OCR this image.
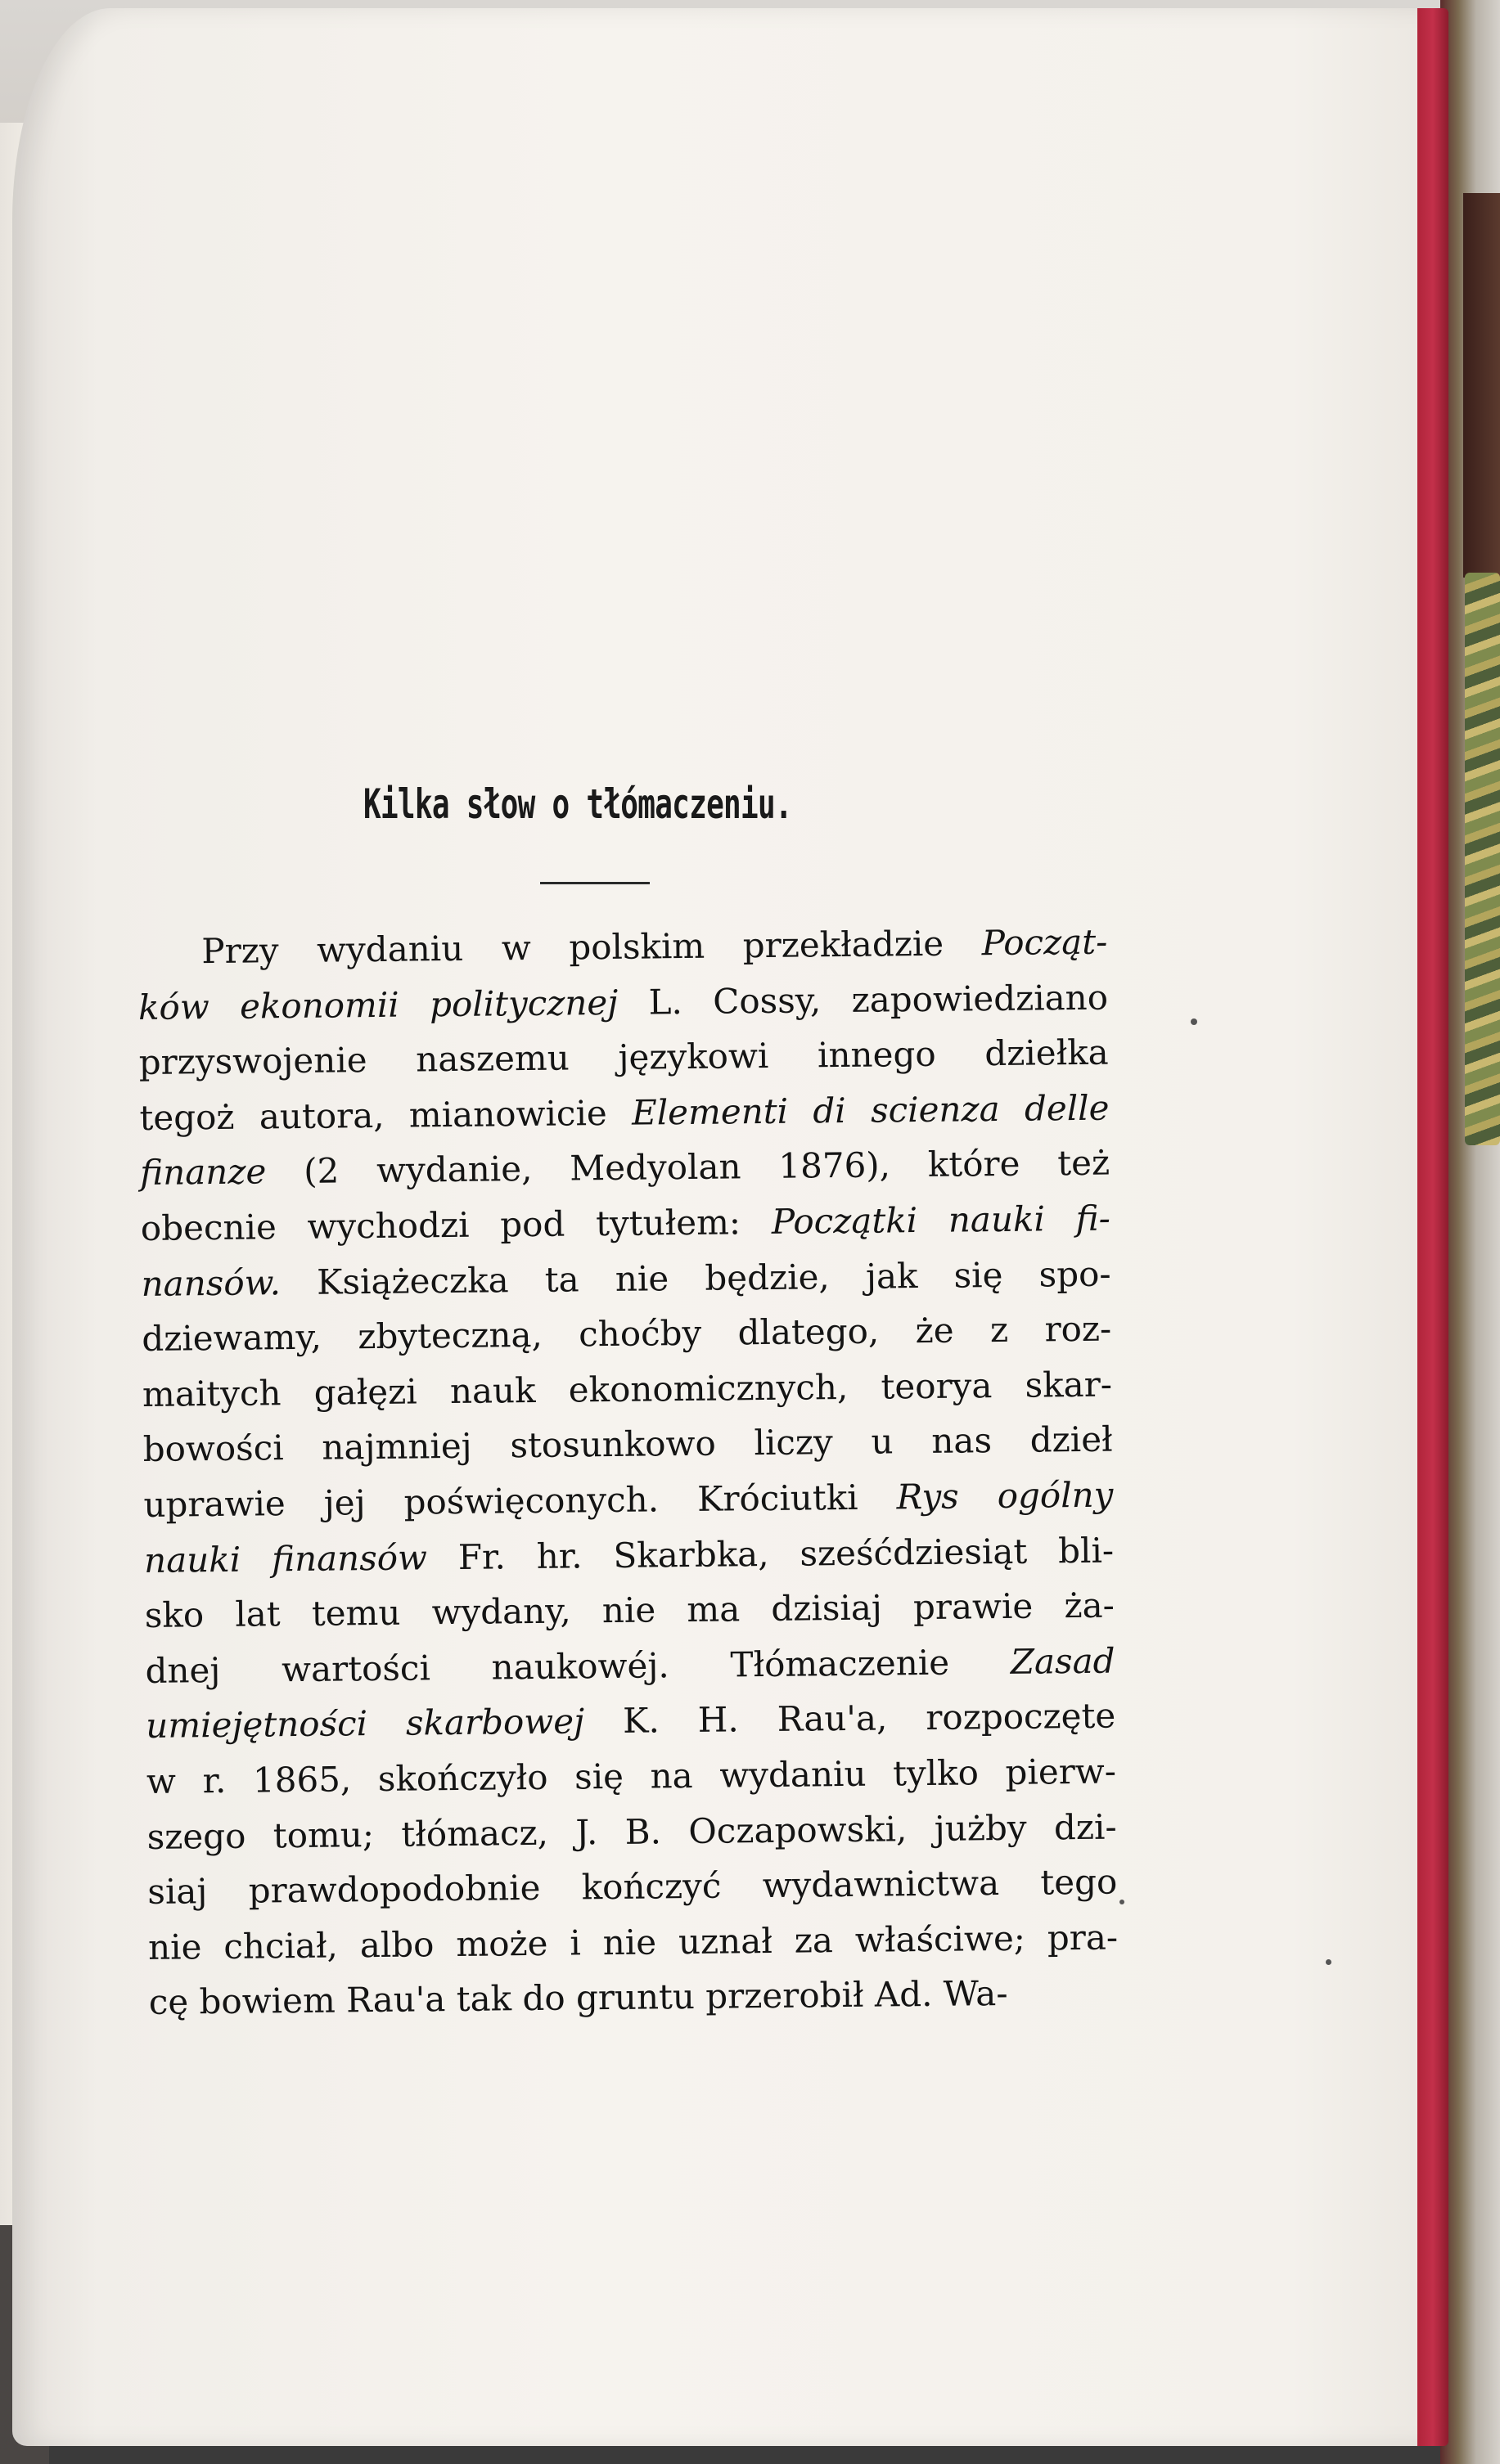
Kilka słow o tłómaczeniu.
Przy wydaniu w polskim przekładzie Począt-
ków ekonomii politycznej L. Cossy, zapowiedziano
przyswojenie naszemu językowi innego dziełka
tegoż autora, mianowicie Elementi di scienza delle
finanze (2 wydanie, Medyolan 1876), które też
obecnie wychodzi pod tytułem: Początki nauki fi-
nansów. Książeczka ta nie będzie, jak się spo-
dziewamy, zbyteczną, choćby dlatego, że z roz-
maitych gałęzi nauk ekonomicznych, teorya skar-
bowości najmniej stosunkowo liczy u nas dzieł
uprawie jej poświęconych. Króciutki Rys ogólny
nauki finansów Fr. hr. Skarbka, sześćdziesiąt bli-
sko lat temu wydany, nie ma dzisiaj prawie ża-
dnej wartości naukowéj. Tłómaczenie Zasad
umiejętności skarbowej K. H. Rau'a, rozpoczęte
w r. 1865, skończyło się na wydaniu tylko pierw-
szego tomu; tłómacz, J. B. Oczapowski, jużby dzi-
siaj prawdopodobnie kończyć wydawnictwa tego
nie chciał, albo może i nie uznał za właściwe; pra-
cę bowiem Rau'a tak do gruntu przerobił Ad. Wa-
